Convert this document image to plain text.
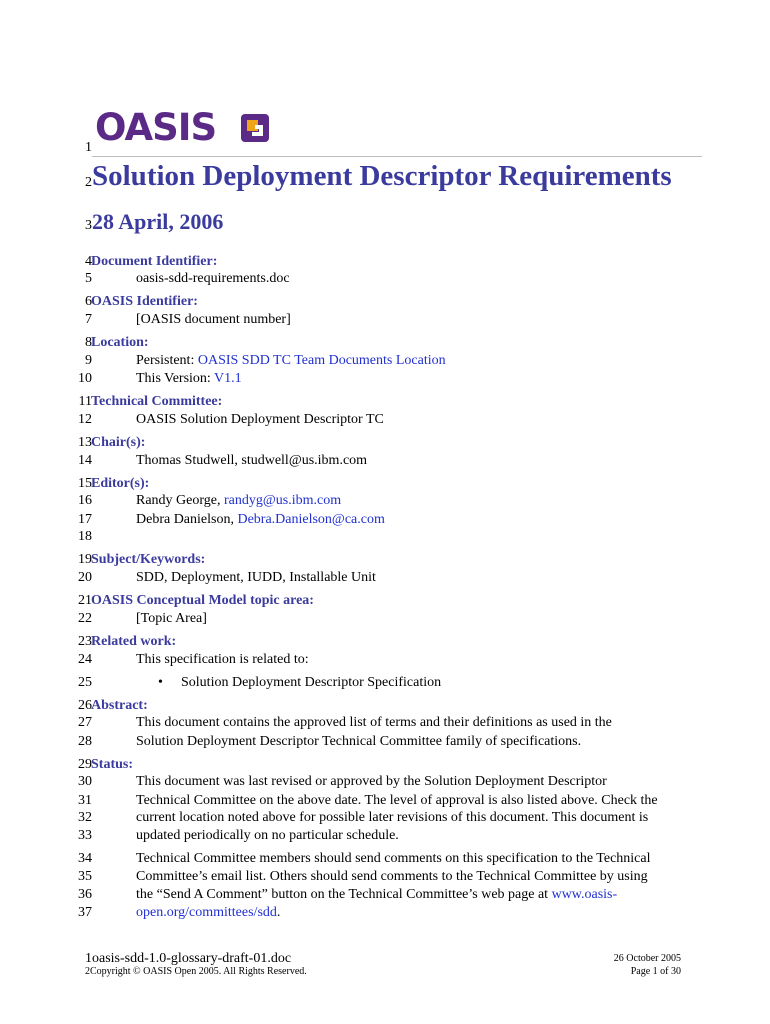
1 OASIS
2 Solution Deployment Descriptor Requirements
3 28 April, 2006
4 Document Identifier:
5	oasis-sdd-requirements.doc
6 OASIS Identifier:
7	[OASIS document number]
8 Location:
9	Persistent: OASIS SDD TC Team Documents Location
10	This Version: V1.1
11 Technical Committee:
12	OASIS Solution Deployment Descriptor TC
13 Chair(s):
14	Thomas Studwell, studwell@us.ibm.com
15 Editor(s):
16	Randy George, randyg@us.ibm.com
17	Debra Danielson, Debra.Danielson@ca.com
18
19 Subject/Keywords:
20	SDD, Deployment, IUDD, Installable Unit
21 OASIS Conceptual Model topic area:
22	[Topic Area]
23 Related work:
24	This specification is related to:
25	• Solution Deployment Descriptor Specification
26 Abstract:
27	This document contains the approved list of terms and their definitions as used in the
28	Solution Deployment Descriptor Technical Committee family of specifications.
29 Status:
30	This document was last revised or approved by the Solution Deployment Descriptor
31	Technical Committee on the above date. The level of approval is also listed above. Check the
32	current location noted above for possible later revisions of this document. This document is
33	updated periodically on no particular schedule.
34	Technical Committee members should send comments on this specification to the Technical
35	Committee’s email list. Others should send comments to the Technical Committee by using
36	the “Send A Comment” button on the Technical Committee’s web page at www.oasis-
37	open.org/committees/sdd.
1oasis-sdd-1.0-glossary-draft-01.doc
2Copyright © OASIS Open 2005. All Rights Reserved.
26 October 2005
Page 1 of 30
